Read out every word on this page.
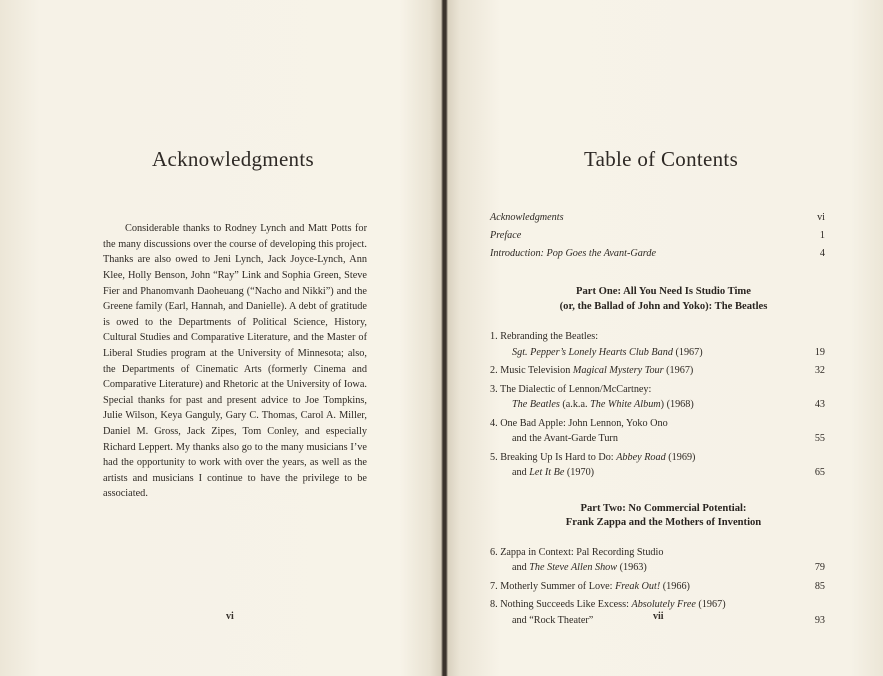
Acknowledgments

Considerable thanks to Rodney Lynch and Matt Potts for the many discussions over the course of developing this project. Thanks are also owed to Jeni Lynch, Jack Joyce-Lynch, Ann Klee, Holly Benson, John “Ray” Link and Sophia Green, Steve Fier and Phanomvanh Daoheuang (“Nacho and Nikki”) and the Greene family (Earl, Hannah, and Danielle). A debt of gratitude is owed to the Departments of Political Science, History, Cultural Studies and Comparative Literature, and the Master of Liberal Studies program at the University of Minnesota; also, the Departments of Cinematic Arts (formerly Cinema and Comparative Literature) and Rhetoric at the University of Iowa. Special thanks for past and present advice to Joe Tompkins, Julie Wilson, Keya Ganguly, Gary C. Thomas, Carol A. Miller, Daniel M. Gross, Jack Zipes, Tom Conley, and especially Richard Leppert. My thanks also go to the many musicians I’ve had the opportunity to work with over the years, as well as the artists and musicians I continue to have the privilege to be associated.

vi
Table of Contents
Acknowledgments	vi
Preface	1
Introduction: Pop Goes the Avant-Garde	4
Part One: All You Need Is Studio Time
(or, the Ballad of John and Yoko): The Beatles
1. Rebranding the Beatles:
Sgt. Pepper’s Lonely Hearts Club Band (1967)	19
2. Music Television Magical Mystery Tour (1967)	32
3. The Dialectic of Lennon/McCartney:
The Beatles (a.k.a. The White Album) (1968)	43
4. One Bad Apple: John Lennon, Yoko Ono
and the Avant-Garde Turn	55
5. Breaking Up Is Hard to Do: Abbey Road (1969)
and Let It Be (1970)	65
Part Two: No Commercial Potential:
Frank Zappa and the Mothers of Invention
6. Zappa in Context: Pal Recording Studio
and The Steve Allen Show (1963)	79
7. Motherly Summer of Love: Freak Out! (1966)	85
8. Nothing Succeeds Like Excess: Absolutely Free (1967)
and “Rock Theater”	93
vii
